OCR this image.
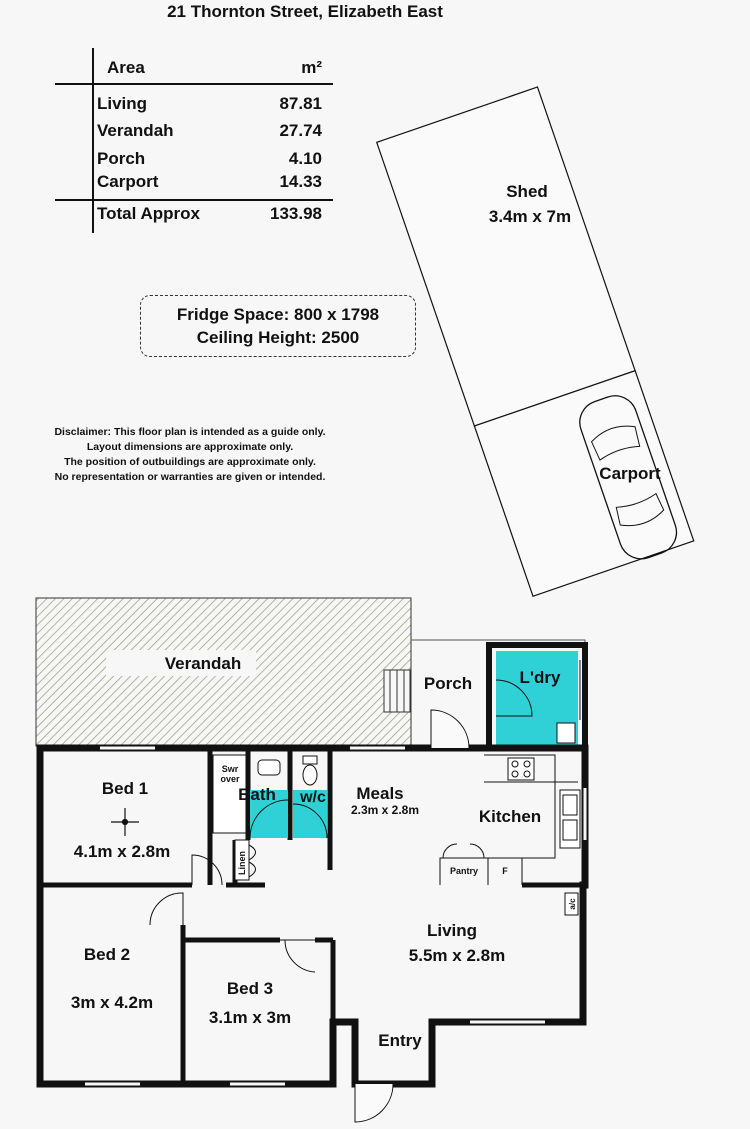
21 Thornton Street, Elizabeth East
Area	m²
Living	87.81
Verandah	27.74
Porch	4.10
Carport	14.33
Total Approx	133.98
Fridge Space: 800 x 1798
Ceiling Height: 2500
Disclaimer: This floor plan is intended as a guide only.
Layout dimensions are approximate only.
The position of outbuildings are approximate only.
No representation or warranties are given or intended.
Shed
3.4m x 7m
Carport
Verandah
Porch	L'dry
Bed 1
4.1m x 2.8m
Swr over
Bath w/c
Linen
Meals
2.3m x 2.8m	Kitchen
Pantry	F
a/c
Living
5.5m x 2.8m
Bed 2
3m x 4.2m
Bed 3
3.1m x 3m
Entry
